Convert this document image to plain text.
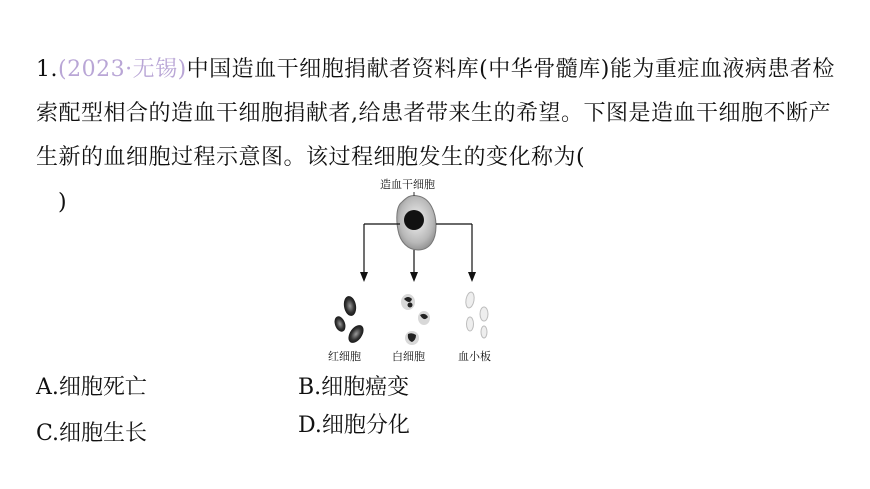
1.(2023·无锡)中国造血干细胞捐献者资料库(中华骨髓库)能为重症血液病患者检索配型相合的造血干细胞捐献者,给患者带来生的希望。下图是造血干细胞不断产生新的血细胞过程示意图。该过程细胞发生的变化称为(
)
造血干细胞
红细胞	白细胞	血小板
A.细胞死亡	B.细胞癌变
C.细胞生长	D.细胞分化
